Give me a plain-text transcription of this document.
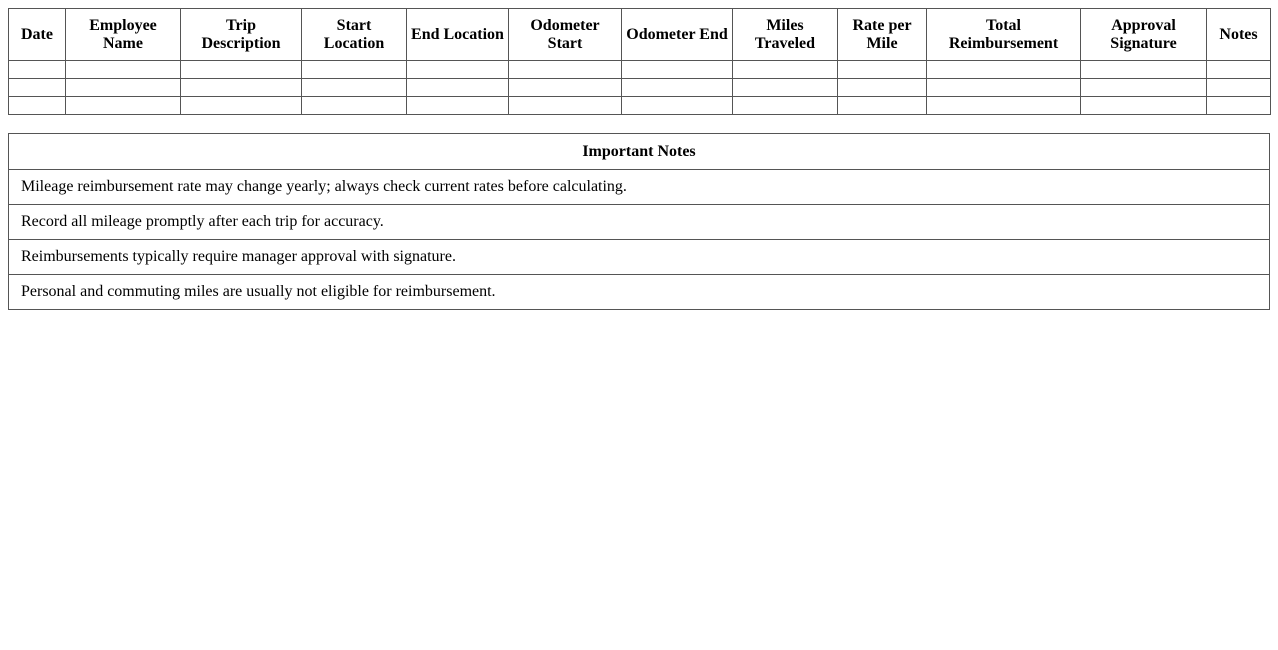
Date	Employee Name	Trip Description	Start Location	End Location	Odometer Start	Odometer End	Miles Traveled	Rate per Mile	Total Reimbursement	Approval Signature	Notes

Important Notes
Mileage reimbursement rate may change yearly; always check current rates before calculating.
Record all mileage promptly after each trip for accuracy.
Reimbursements typically require manager approval with signature.
Personal and commuting miles are usually not eligible for reimbursement.
